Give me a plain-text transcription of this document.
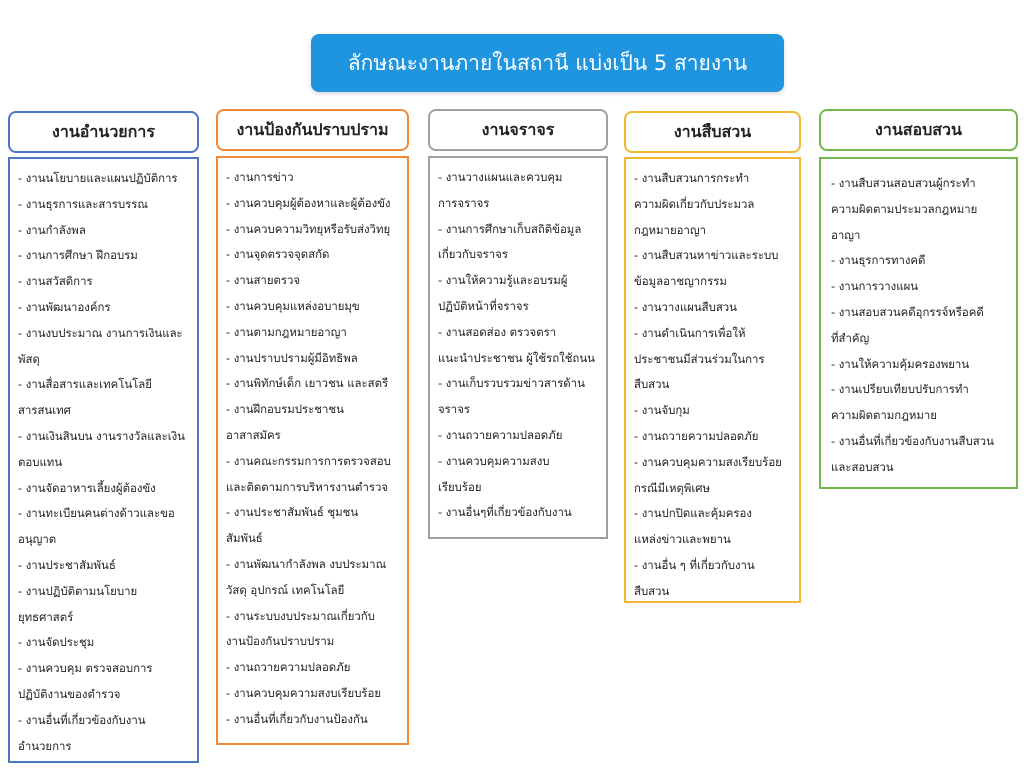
ลักษณะงานภายในสถานี แบ่งเป็น 5 สายงาน
งานอำนวยการ
- งานนโยบายและแผนปฏิบัติการ
- งานธุรการและสารบรรณ
- งานกำลังพล
- งานการศึกษา ฝึกอบรม
- งานสวัสดิการ
- งานพัฒนาองค์กร
- งานงบประมาณ งานการเงินและ
พัสดุ
- งานสื่อสารและเทคโนโลยี
สารสนเทศ
- งานเงินสินบน งานรางวัลและเงิน
ตอบแทน
- งานจัดอาหารเลี้ยงผู้ต้องขัง
- งานทะเบียนคนต่างด้าวและขอ
อนุญาต
- งานประชาสัมพันธ์
- งานปฏิบัติตามนโยบาย
ยุทธศาสตร์
- งานจัดประชุม
- งานควบคุม ตรวจสอบการ
ปฏิบัติงานของตำรวจ
- งานอื่นที่เกี่ยวข้องกับงาน
อำนวยการ
งานป้องกันปราบปราม
- งานการข่าว
- งานควบคุมผู้ต้องหาและผู้ต้องขัง
- งานควบความวิทยุหรือรับส่งวิทยุ
- งานจุดตรวจจุดสกัด
- งานสายตรวจ
- งานควบคุมแหล่งอบายมุข
- งานตามกฎหมายอาญา
- งานปราบปรามผู้มีอิทธิพล
- งานพิทักษ์เด็ก เยาวชน และสตรี
- งานฝึกอบรมประชาชน
อาสาสมัคร
- งานคณะกรรมการการตรวจสอบ
และติดตามการบริหารงานตำรวจ
- งานประชาสัมพันธ์ ชุมชน
สัมพันธ์
- งานพัฒนากำลังพล งบประมาณ
วัสดุ อุปกรณ์ เทคโนโลยี
- งานระบบงบประมาณเกี่ยวกับ
งานป้องกันปราบปราม
- งานถวายความปลอดภัย
- งานควบคุมความสงบเรียบร้อย
- งานอื่นที่เกี่ยวกับงานป้องกัน
งานจราจร
- งานวางแผนและควบคุม
การจราจร
- งานการศึกษาเก็บสถิติข้อมูล
เกี่ยวกับจราจร
- งานให้ความรู้และอบรมผู้
ปฏิบัติหน้าที่จราจร
- งานสอดส่อง ตรวจตรา
แนะนำประชาชน ผู้ใช้รถใช้ถนน
- งานเก็บรวบรวมข่าวสารด้าน
จราจร
- งานถวายความปลอดภัย
- งานควบคุมความสงบ
เรียบร้อย
- งานอื่นๆที่เกี่ยวข้องกับงาน
งานสืบสวน
- งานสืบสวนการกระทำ
ความผิดเกี่ยวกับประมวล
กฎหมายอาญา
- งานสืบสวนหาข่าวและระบบ
ข้อมูลอาชญากรรม
- งานวางแผนสืบสวน
- งานดำเนินการเพื่อให้
ประชาชนมีส่วนร่วมในการ
สืบสวน
- งานจับกุม
- งานถวายความปลอดภัย
- งานควบคุมความสงเรียบร้อย
กรณีมีเหตุพิเศษ
- งานปกปิดและคุ้มครอง
แหล่งข่าวและพยาน
- งานอื่น ๆ ที่เกี่ยวกับงาน
สืบสวน
งานสอบสวน
- งานสืบสวนสอบสวนผู้กระทำ
ความผิดตามประมวลกฎหมาย
อาญา
- งานธุรการทางคดี
- งานการวางแผน
- งานสอบสวนคดีอุกรรจ์หรือคดี
ที่สำคัญ
- งานให้ความคุ้มครองพยาน
- งานเปรียบเทียบปรับการทำ
ความผิดตามกฎหมาย
- งานอื่นที่เกี่ยวข้องกับงานสืบสวน
และสอบสวน
